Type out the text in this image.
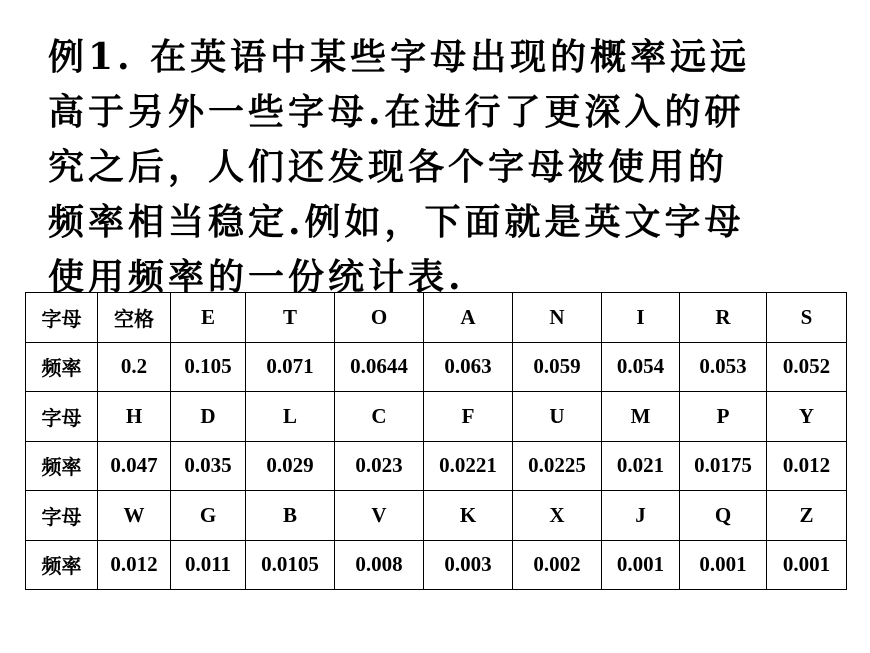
例1. 在英语中某些字母出现的概率远远
高于另外一些字母.在进行了更深入的研
究之后，人们还发现各个字母被使用的
频率相当稳定.例如，下面就是英文字母
使用频率的一份统计表.
字母	空格	E	T	O	A	N	I	R	S
频率	0.2	0.105	0.071	0.0644	0.063	0.059	0.054	0.053	0.052
字母	H	D	L	C	F	U	M	P	Y
频率	0.047	0.035	0.029	0.023	0.0221	0.0225	0.021	0.0175	0.012
字母	W	G	B	V	K	X	J	Q	Z
频率	0.012	0.011	0.0105	0.008	0.003	0.002	0.001	0.001	0.001
